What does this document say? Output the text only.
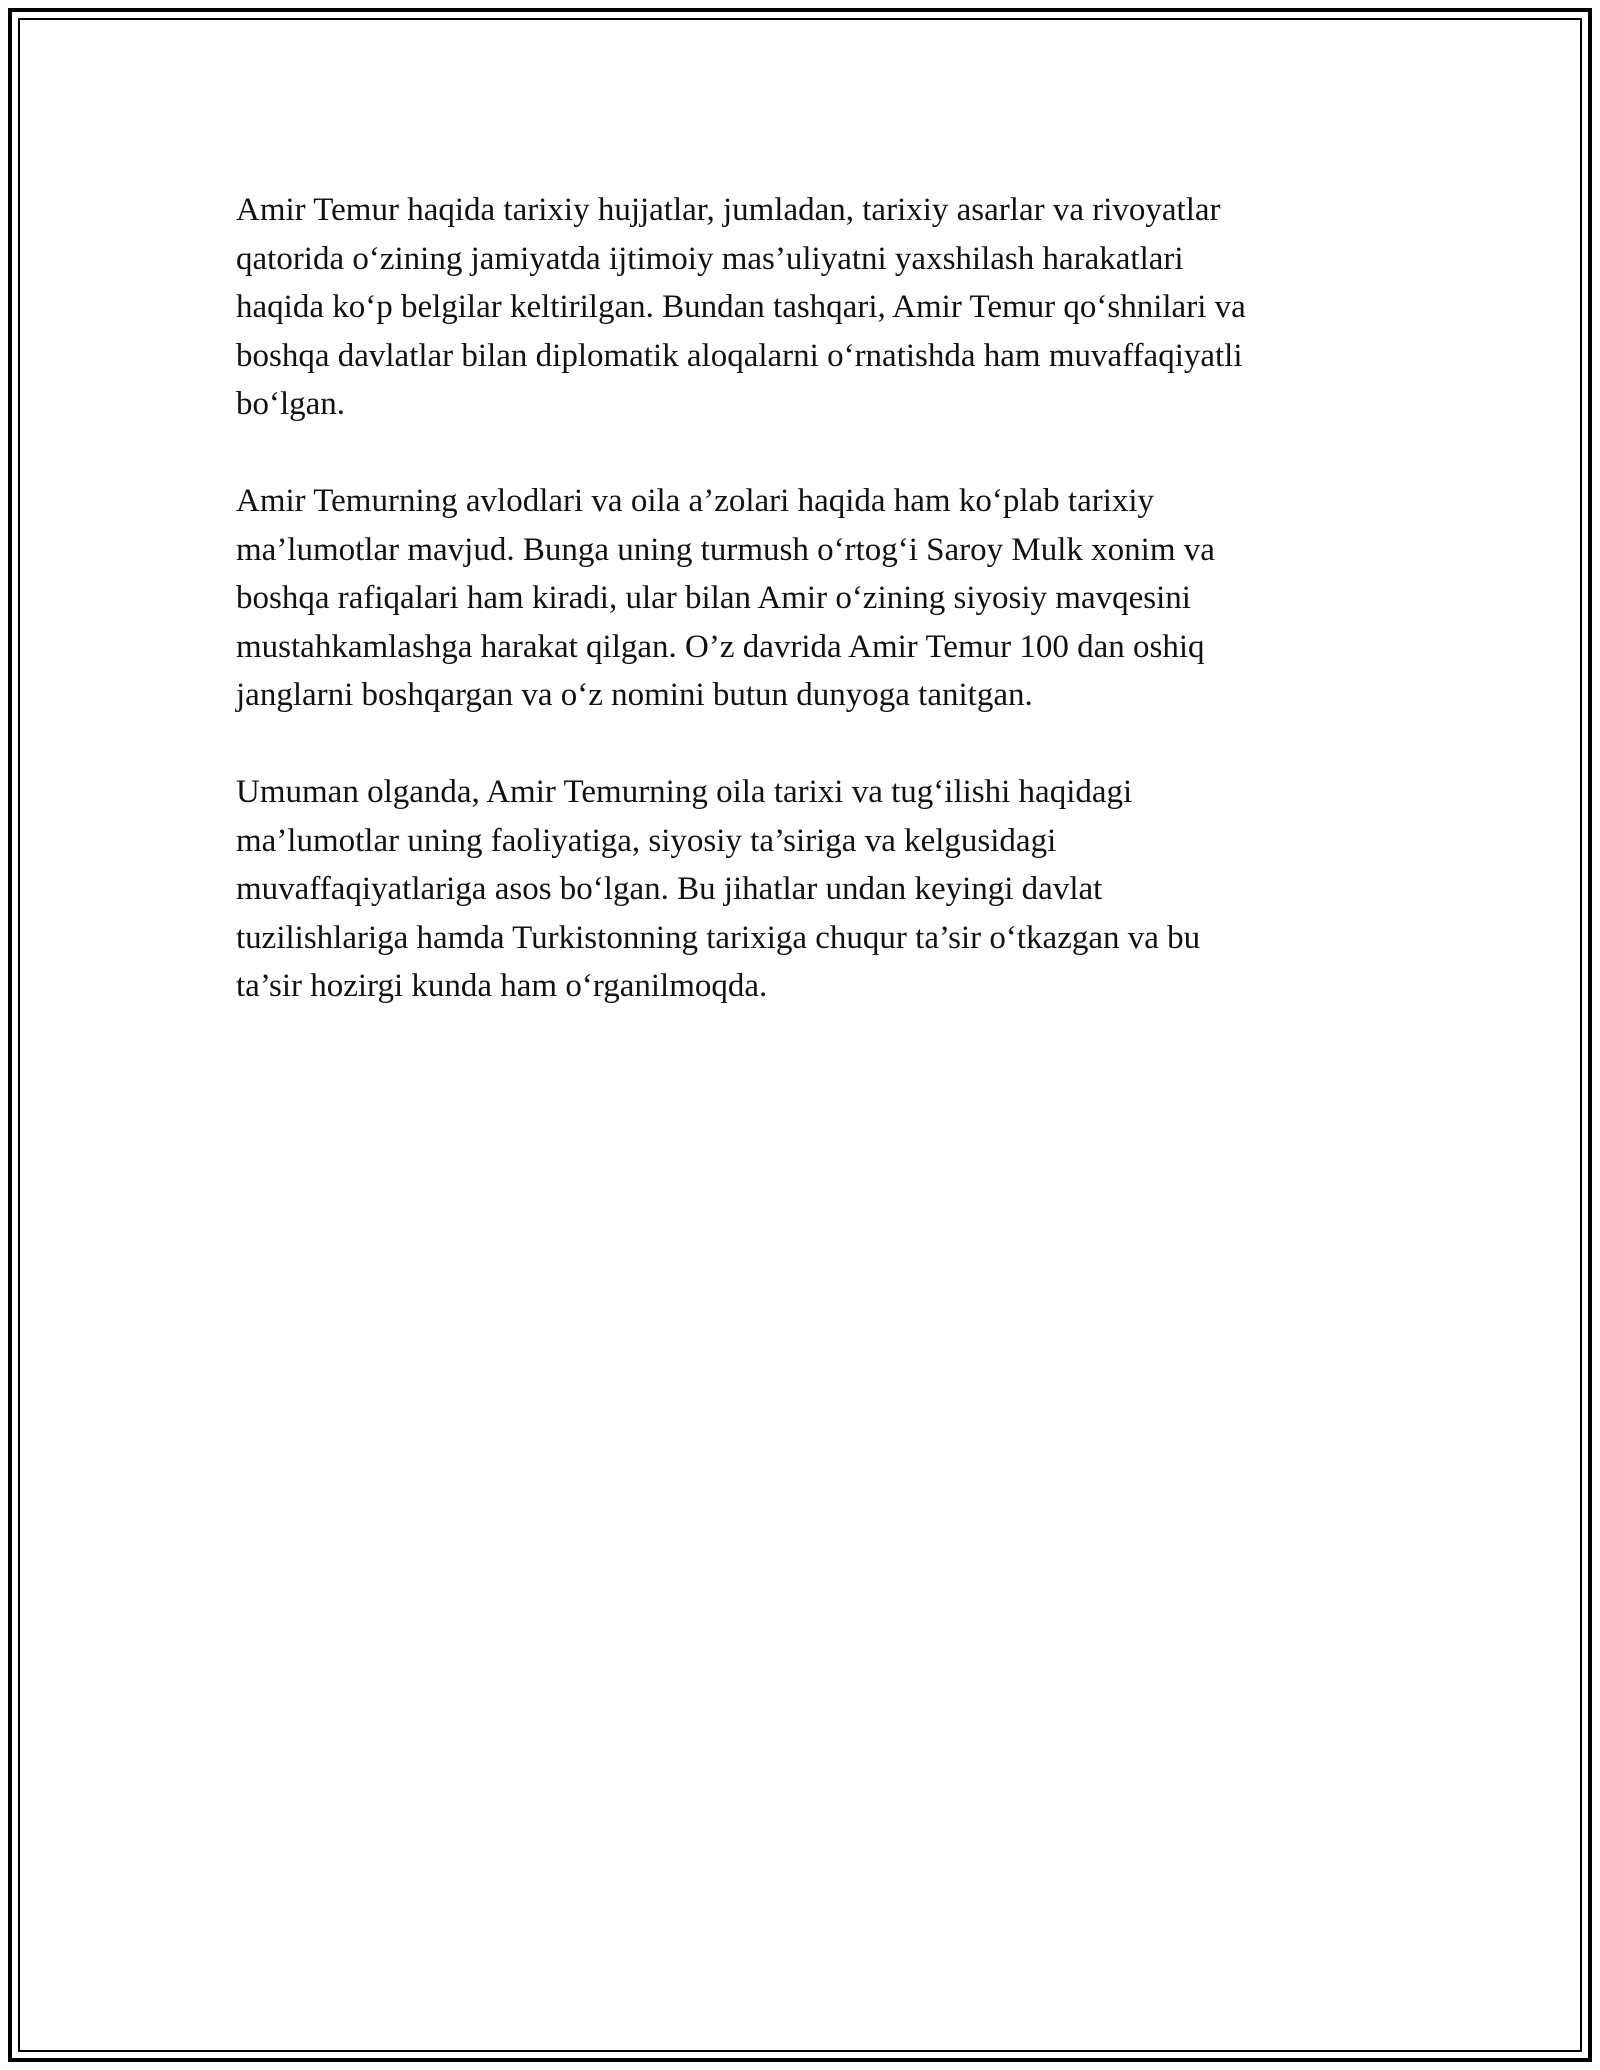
Amir Temur haqida tarixiy hujjatlar, jumladan, tarixiy asarlar va rivoyatlar
qatorida o‘zining jamiyatda ijtimoiy mas’uliyatni yaxshilash harakatlari
haqida ko‘p belgilar keltirilgan. Bundan tashqari, Amir Temur qo‘shnilari va
boshqa davlatlar bilan diplomatik aloqalarni o‘rnatishda ham muvaffaqiyatli
bo‘lgan.

Amir Temurning avlodlari va oila a’zolari haqida ham ko‘plab tarixiy
ma’lumotlar mavjud. Bunga uning turmush o‘rtog‘i Saroy Mulk xonim va
boshqa rafiqalari ham kiradi, ular bilan Amir o‘zining siyosiy mavqesini
mustahkamlashga harakat qilgan. O’z davrida Amir Temur 100 dan oshiq
janglarni boshqargan va o‘z nomini butun dunyoga tanitgan.

Umuman olganda, Amir Temurning oila tarixi va tug‘ilishi haqidagi
ma’lumotlar uning faoliyatiga, siyosiy ta’siriga va kelgusidagi
muvaffaqiyatlariga asos bo‘lgan. Bu jihatlar undan keyingi davlat
tuzilishlariga hamda Turkistonning tarixiga chuqur ta’sir o‘tkazgan va bu
ta’sir hozirgi kunda ham o‘rganilmoqda.
